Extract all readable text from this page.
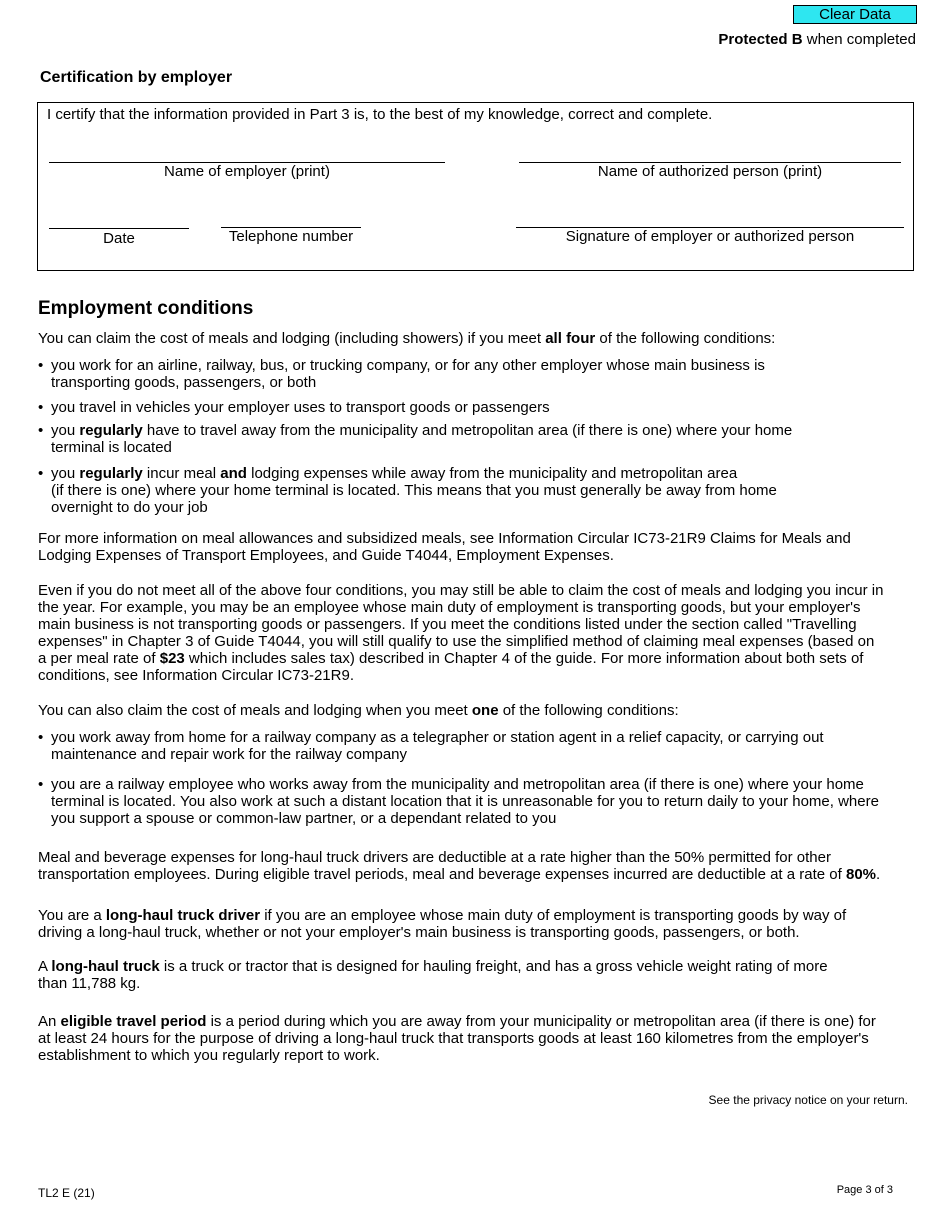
Clear Data
Protected B when completed
Certification by employer
I certify that the information provided in Part 3 is, to the best of my knowledge, correct and complete.
Name of employer (print)	Name of authorized person (print)
Date	Telephone number	Signature of employer or authorized person
Employment conditions

You can claim the cost of meals and lodging (including showers) if you meet all four of the following conditions:

• you work for an airline, railway, bus, or trucking company, or for any other employer whose main business is
transporting goods, passengers, or both
• you travel in vehicles your employer uses to transport goods or passengers
• you regularly have to travel away from the municipality and metropolitan area (if there is one) where your home
terminal is located
• you regularly incur meal and lodging expenses while away from the municipality and metropolitan area
(if there is one) where your home terminal is located. This means that you must generally be away from home
overnight to do your job

For more information on meal allowances and subsidized meals, see Information Circular IC73-21R9 Claims for Meals and
Lodging Expenses of Transport Employees, and Guide T4044, Employment Expenses.

Even if you do not meet all of the above four conditions, you may still be able to claim the cost of meals and lodging you incur in
the year. For example, you may be an employee whose main duty of employment is transporting goods, but your employer's
main business is not transporting goods or passengers. If you meet the conditions listed under the section called "Travelling
expenses" in Chapter 3 of Guide T4044, you will still qualify to use the simplified method of claiming meal expenses (based on
a per meal rate of $23 which includes sales tax) described in Chapter 4 of the guide. For more information about both sets of
conditions, see Information Circular IC73-21R9.

You can also claim the cost of meals and lodging when you meet one of the following conditions:

• you work away from home for a railway company as a telegrapher or station agent in a relief capacity, or carrying out
maintenance and repair work for the railway company
• you are a railway employee who works away from the municipality and metropolitan area (if there is one) where your home
terminal is located. You also work at such a distant location that it is unreasonable for you to return daily to your home, where
you support a spouse or common-law partner, or a dependant related to you

Meal and beverage expenses for long-haul truck drivers are deductible at a rate higher than the 50% permitted for other
transportation employees. During eligible travel periods, meal and beverage expenses incurred are deductible at a rate of 80%.

You are a long-haul truck driver if you are an employee whose main duty of employment is transporting goods by way of
driving a long-haul truck, whether or not your employer's main business is transporting goods, passengers, or both.

A long-haul truck is a truck or tractor that is designed for hauling freight, and has a gross vehicle weight rating of more
than 11,788 kg.

An eligible travel period is a period during which you are away from your municipality or metropolitan area (if there is one) for
at least 24 hours for the purpose of driving a long-haul truck that transports goods at least 160 kilometres from the employer's
establishment to which you regularly report to work.

See the privacy notice on your return.
TL2 E (21)	Page 3 of 3
